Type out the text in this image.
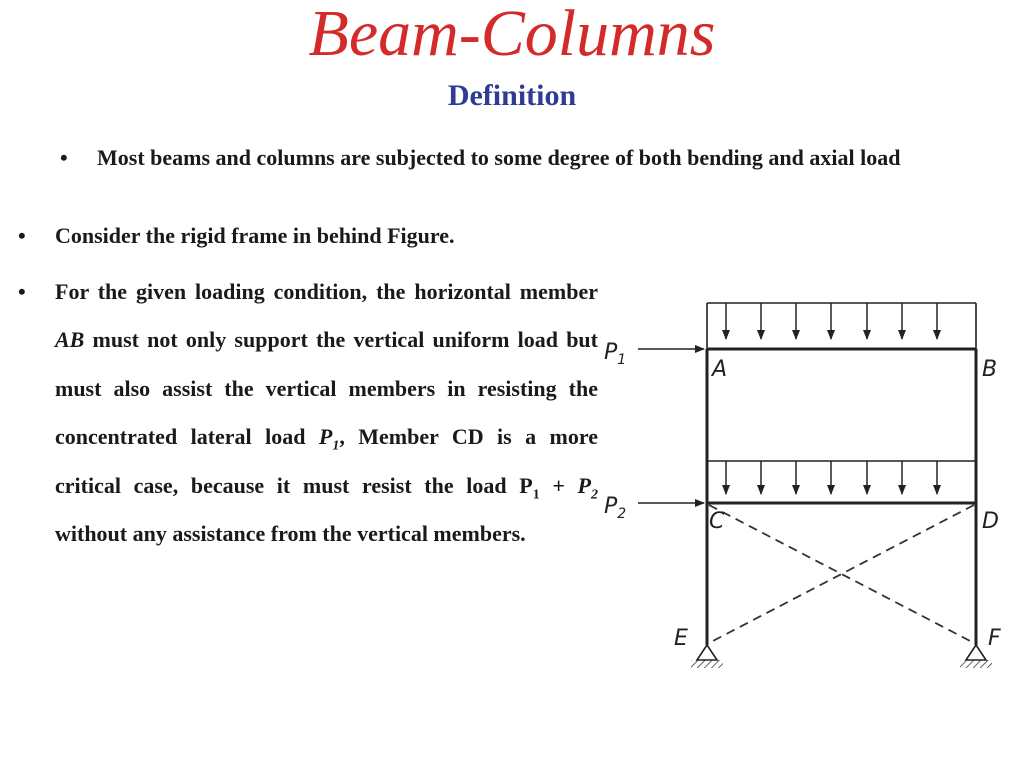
Beam-Columns
Definition
• Most beams and columns are subjected to some degree of both bending and axial load
• Consider the rigid frame in behind Figure.
• For the given loading condition, the horizontal member AB must not only support the vertical uniform load but must also assist the vertical members in resisting the concentrated lateral load $P_1$, Member CD is a more critical case, because it must resist the load $P_1 + P_2$ without any assistance from the vertical members.
$P_1$
$P_2$
A	B
C	D
E	F
